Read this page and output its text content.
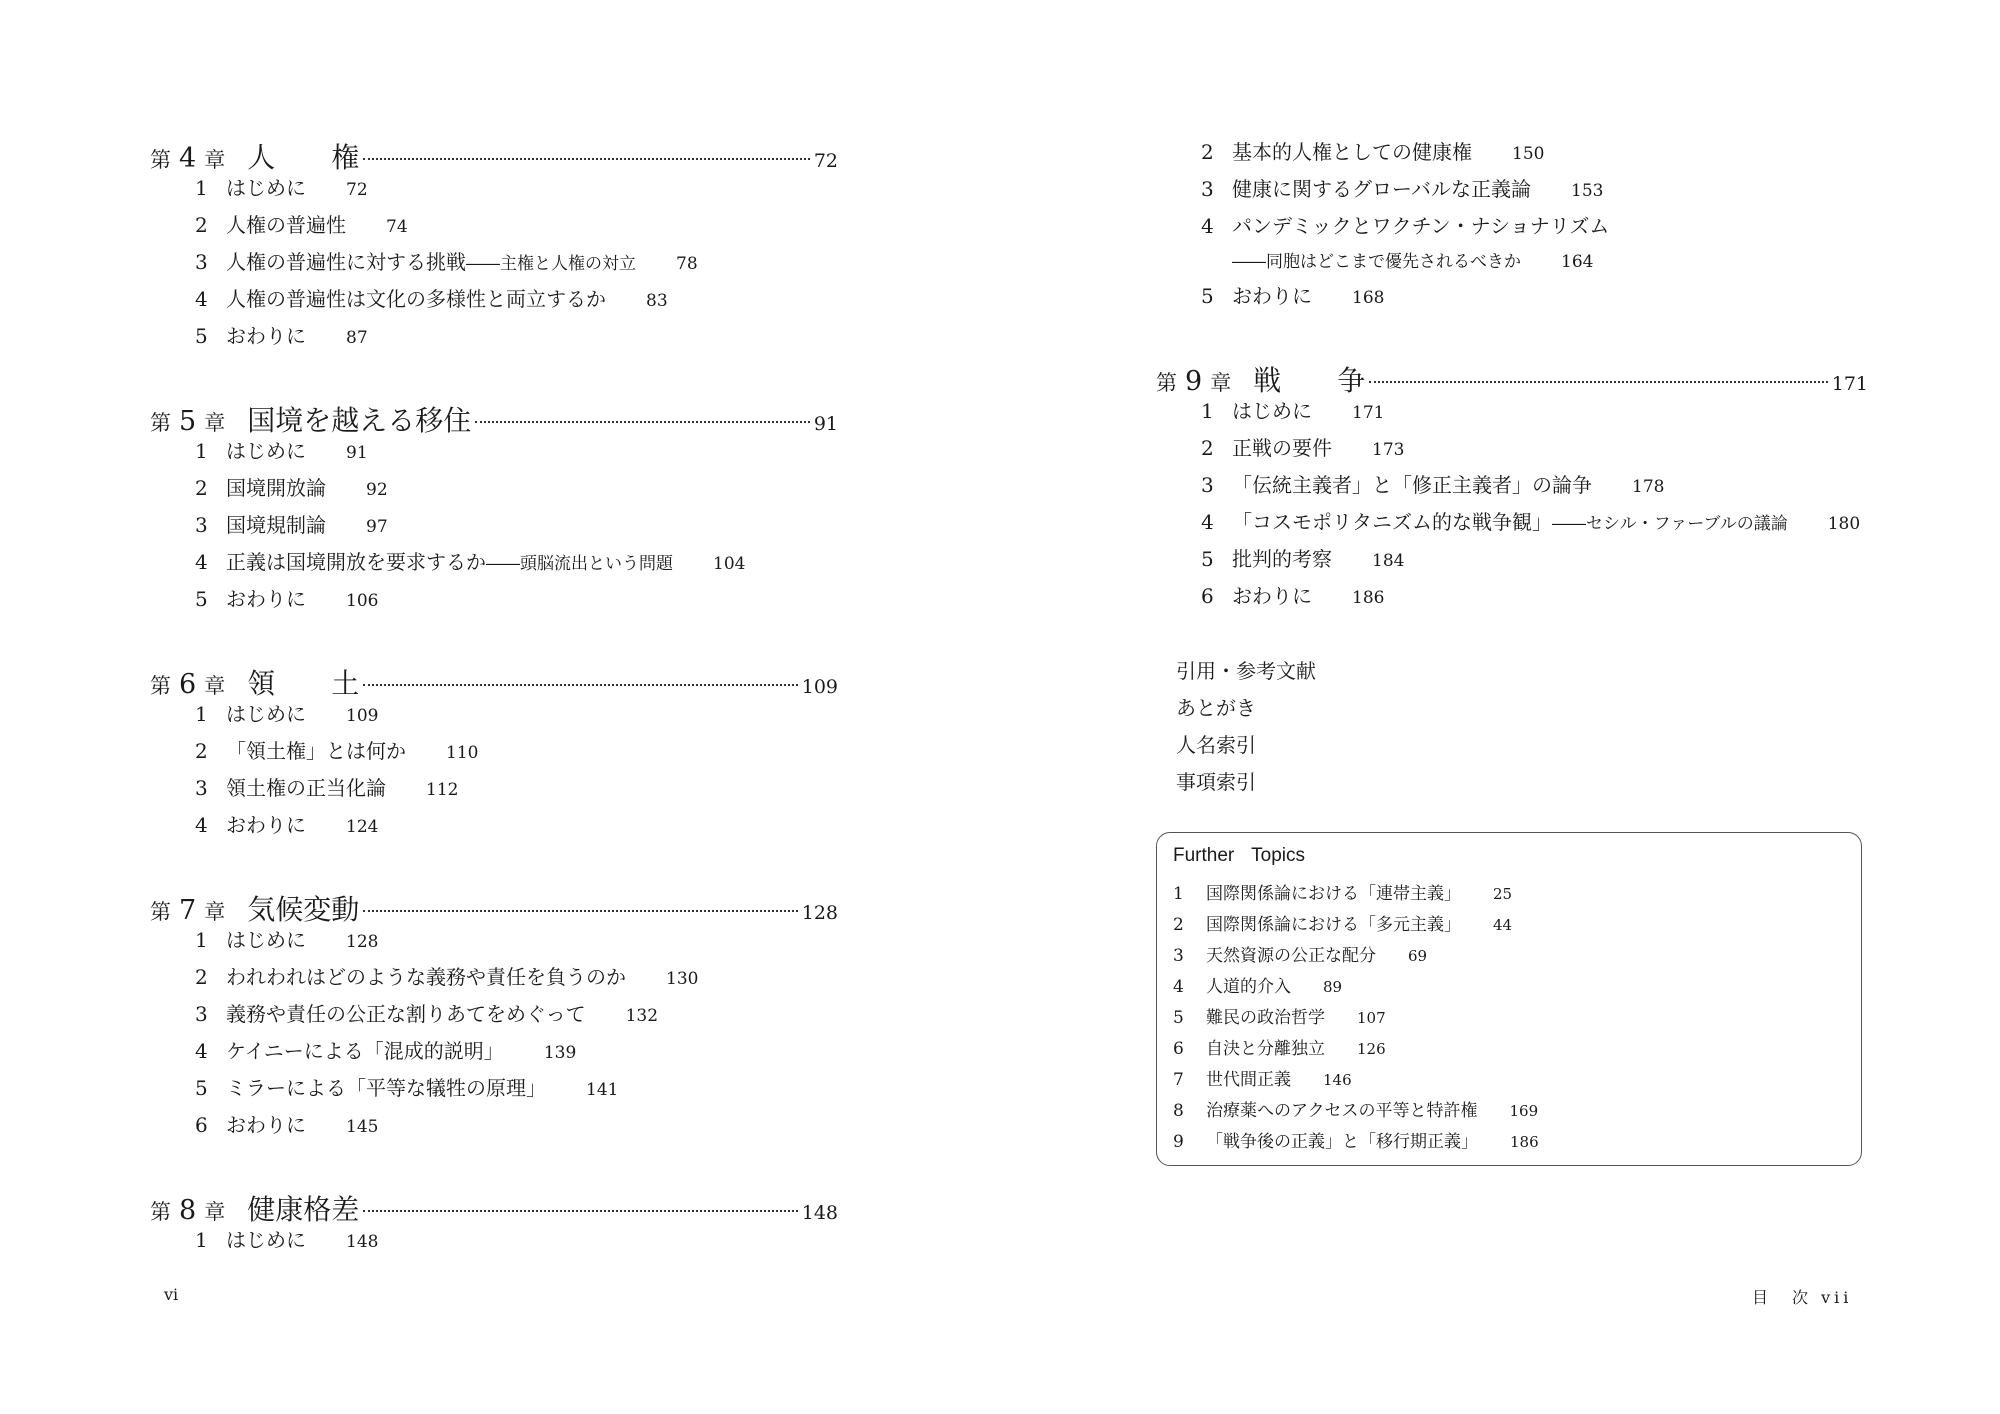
第 4 章 人　　権	72
1 はじめに 72
2 人権の普遍性 74
3 人権の普遍性に対する挑戦 ――主権と人権の対立 78
4 人権の普遍性は文化の多様性と両立するか 83
5 おわりに 87
第 5 章 国境を越える移住	91
1 はじめに 91
2 国境開放論 92
3 国境規制論 97
4 正義は国境開放を要求するか ――頭脳流出という問題 104
5 おわりに 106
第 6 章 領　　土	109
1 はじめに 109
2 「領土権」とは何か 110
3 領土権の正当化論 112
4 おわりに 124
第 7 章 気候変動	128
1 はじめに 128
2 われわれはどのような義務や責任を負うのか 130
3 義務や責任の公正な割りあてをめぐって 132
4 ケイニーによる「混成的説明」 139
5 ミラーによる「平等な犠牲の原理」 141
6 おわりに 145
第 8 章 健康格差	148
1 はじめに 148
2 基本的人権としての健康権 150
3 健康に関するグローバルな正義論 153
4 パンデミックとワクチン・ナショナリズム
――同胞はどこまで優先されるべきか 164
5 おわりに 168
第 9 章 戦　　争	171
1 はじめに 171
2 正戦の要件 173
3 「伝統主義者」と「修正主義者」の論争 178
4 「コスモポリタニズム的な戦争観」 ――セシル・ファーブルの議論 180
5 批判的考察 184
6 おわりに 186
引用・参考文献
あとがき
人名索引
事項索引
Further Topics
1	国際関係論における「連帯主義」 25
2	国際関係論における「多元主義」 44
3	天然資源の公正な配分 69
4	人道的介入 89
5	難民の政治哲学 107
6	自決と分離独立 126
7	世代間正義 146
8	治療薬へのアクセスの平等と特許権 169
9	「戦争後の正義」と「移行期正義」 186
vi	目　次 vii
